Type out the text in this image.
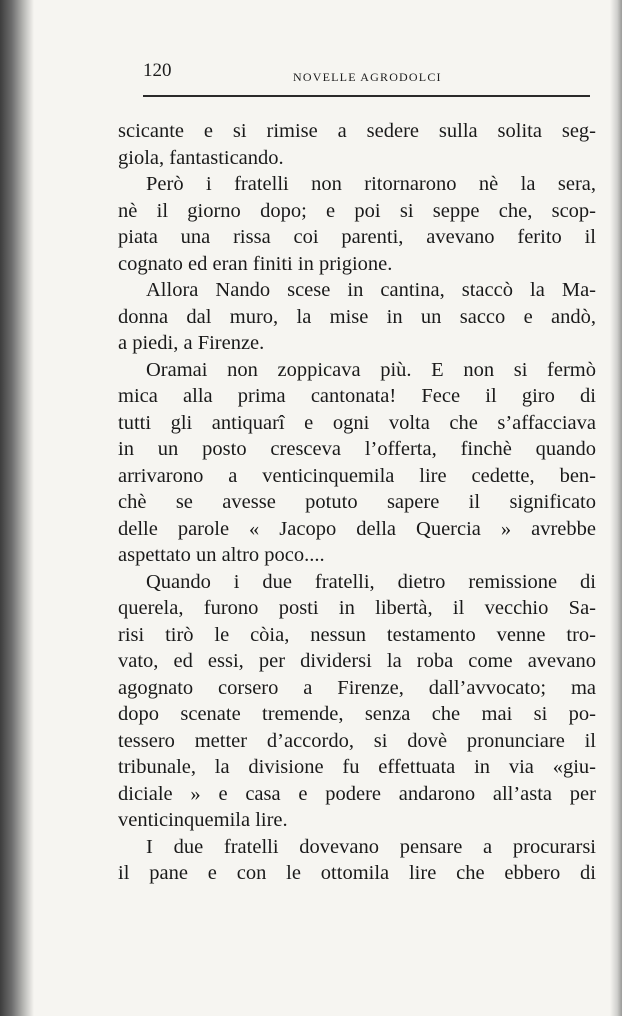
120	NOVELLE AGRODOLCI
scicante e si rimise a sedere sulla solita seg-
giola, fantasticando.
Però i fratelli non ritornarono nè la sera,
nè il giorno dopo; e poi si seppe che, scop-
piata una rissa coi parenti, avevano ferito il
cognato ed eran finiti in prigione.
Allora Nando scese in cantina, staccò la Ma-
donna dal muro, la mise in un sacco e andò,
a piedi, a Firenze.
Oramai non zoppicava più. E non si fermò
mica alla prima cantonata! Fece il giro di
tutti gli antiquarî e ogni volta che s’affacciava
in un posto cresceva l’offerta, finchè quando
arrivarono a venticinquemila lire cedette, ben-
chè se avesse potuto sapere il significato
delle parole « Jacopo della Quercia » avrebbe
aspettato un altro poco....
Quando i due fratelli, dietro remissione di
querela, furono posti in libertà, il vecchio Sa-
risi tirò le còia, nessun testamento venne tro-
vato, ed essi, per dividersi la roba come avevano
agognato corsero a Firenze, dall’avvocato; ma
dopo scenate tremende, senza che mai si po-
tessero metter d’accordo, si dovè pronunciare il
tribunale, la divisione fu effettuata in via «giu-
diciale » e casa e podere andarono all’asta per
venticinquemila lire.
I due fratelli dovevano pensare a procurarsi
il pane e con le ottomila lire che ebbero di
